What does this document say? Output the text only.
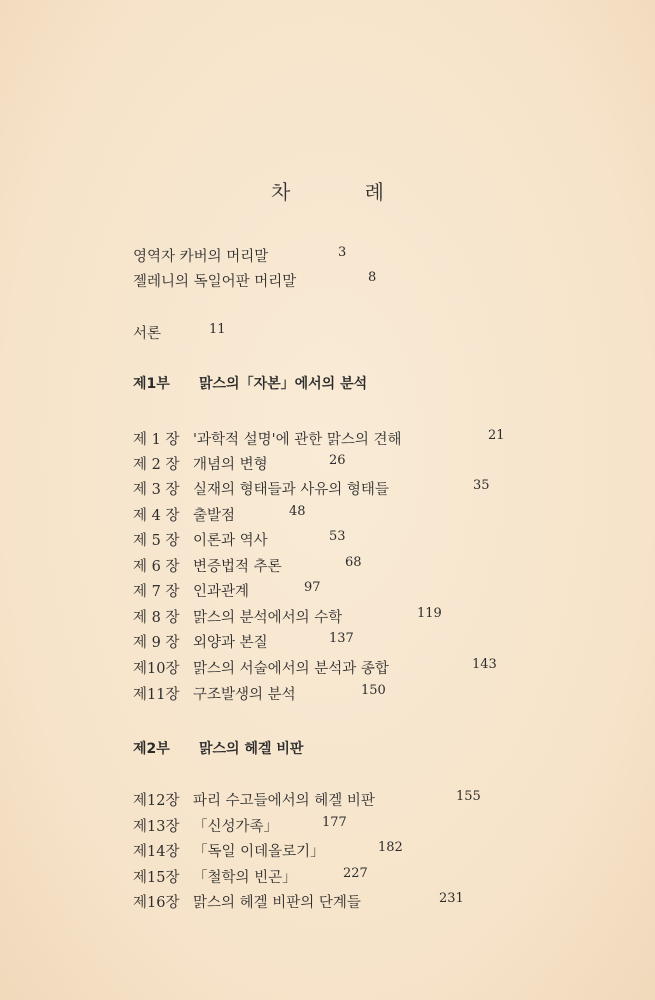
차 례
영역자 카버의 머리말	3
젤레니의 독일어판 머리말	8
서론	11
제1부 맑스의「자본」에서의 분석
제 1 장 '과학적 설명'에 관한 맑스의 견해	21
제 2 장 개념의 변형	26
제 3 장 실재의 형태들과 사유의 형태들	35
제 4 장 출발점	48
제 5 장 이론과 역사	53
제 6 장 변증법적 추론	68
제 7 장 인과관계	97
제 8 장 맑스의 분석에서의 수학	119
제 9 장 외양과 본질	137
제10장 맑스의 서술에서의 분석과 종합	143
제11장 구조발생의 분석	150
제2부 맑스의 헤겔 비판
제12장 파리 수고들에서의 헤겔 비판	155
제13장 「신성가족」	177
제14장 「독일 이데올로기」	182
제15장 「철학의 빈곤」	227
제16장 맑스의 헤겔 비판의 단계들	231
